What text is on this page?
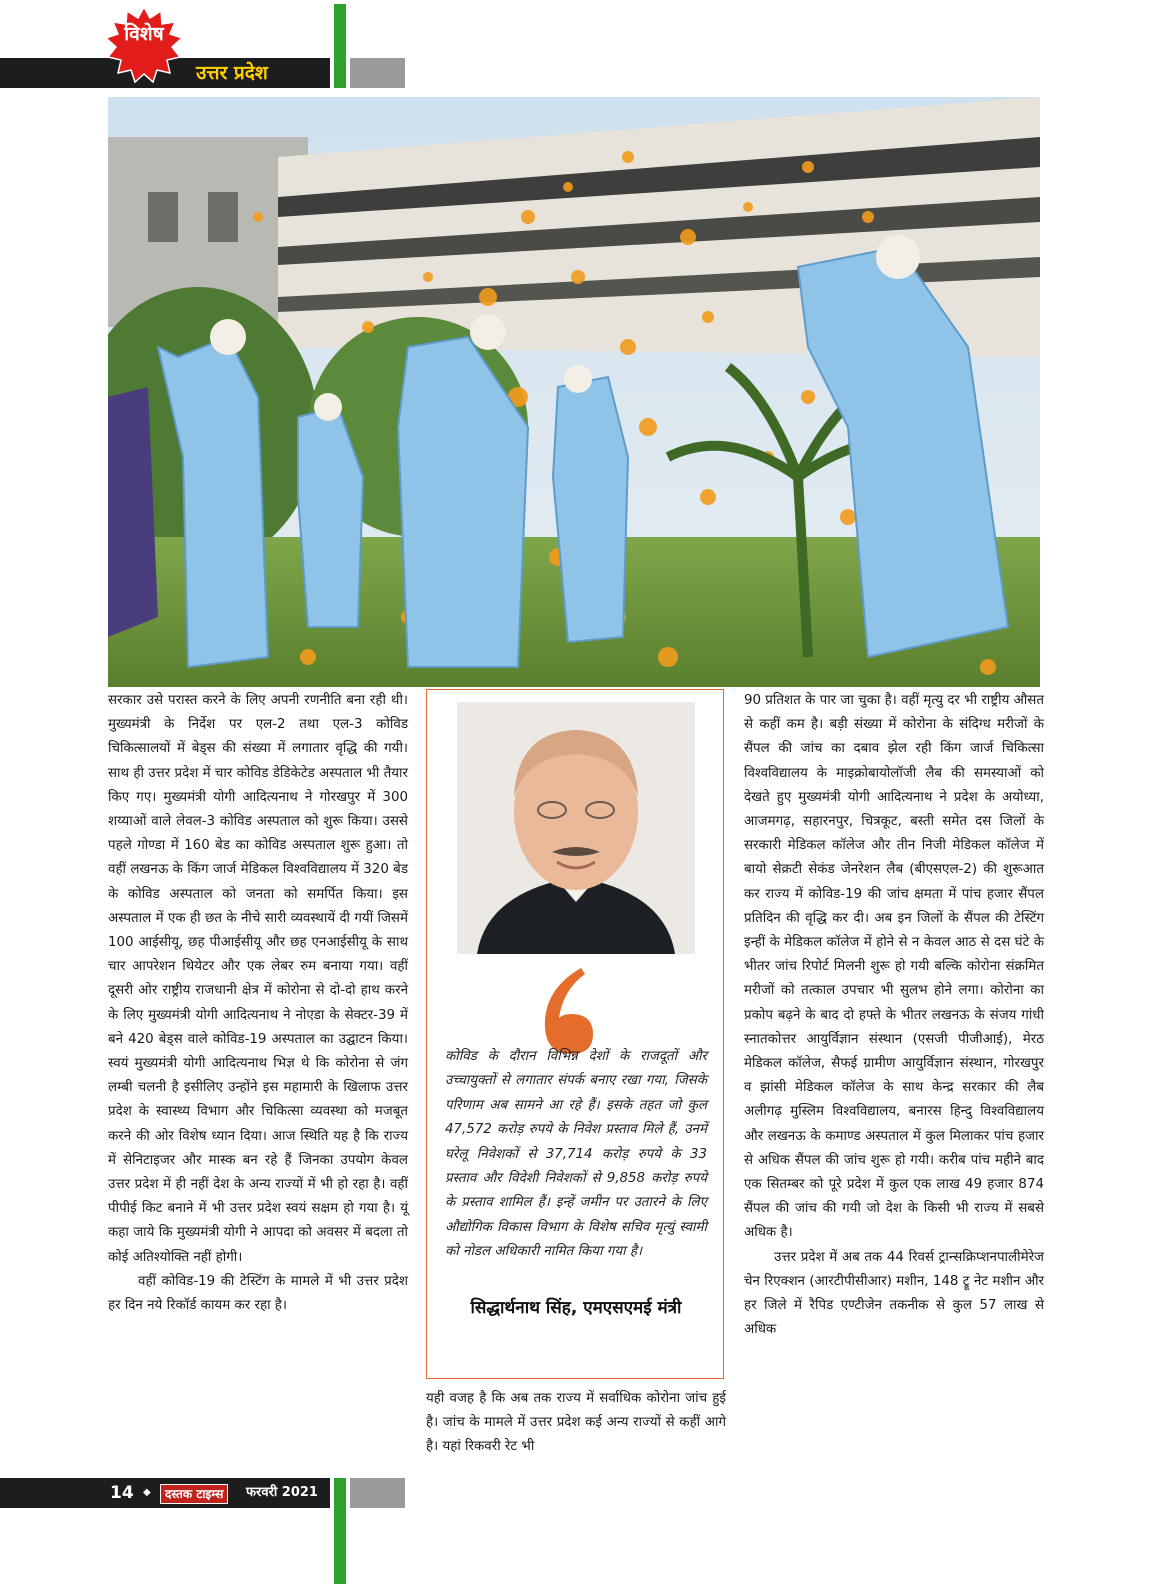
विशेष
उत्तर प्रदेश

सरकार उसे परास्त करने के लिए अपनी रणनीति बना रही थी। मुख्यमंत्री के निर्देश पर एल-2 तथा एल-3 कोविड चिकित्सालयों में बेड्स की संख्या में लगातार वृद्धि की गयी। साथ ही उत्तर प्रदेश में चार कोविड डेडिकेटेड अस्पताल भी तैयार किए गए। मुख्यमंत्री योगी आदित्यनाथ ने गोरखपुर में 300 शय्याओं वाले लेवल-3 कोविड अस्पताल को शुरू किया। उससे पहले गोण्डा में 160 बेड का कोविड अस्पताल शुरू हुआ। तो वहीं लखनऊ के किंग जार्ज मेडिकल विश्वविद्यालय में 320 बेड के कोविड अस्पताल को जनता को समर्पित किया। इस अस्पताल में एक ही छत के नीचे सारी व्यवस्थायें दी गयीं जिसमें 100 आईसीयू, छह पीआईसीयू और छह एनआईसीयू के साथ चार आपरेशन थियेटर और एक लेबर रुम बनाया गया। वहीं दूसरी ओर राष्ट्रीय राजधानी क्षेत्र में कोरोना से दो-दो हाथ करने के लिए मुख्यमंत्री योगी आदित्यनाथ ने नोएडा के सेक्टर-39 में बने 420 बेड्स वाले कोविड-19 अस्पताल का उद्घाटन किया। स्वयं मुख्यमंत्री योगी आदित्यनाथ भिज्ञ थे कि कोरोना से जंग लम्बी चलनी है इसीलिए उन्होंने इस महामारी के खिलाफ उत्तर प्रदेश के स्वास्थ्य विभाग और चिकित्सा व्यवस्था को मजबूत करने की ओर विशेष ध्यान दिया। आज स्थिति यह है कि राज्य में सेनिटाइजर और मास्क बन रहे हैं जिनका उपयोग केवल उत्तर प्रदेश में ही नहीं देश के अन्य राज्यों में भी हो रहा है। वहीं पीपीई किट बनाने में भी उत्तर प्रदेश स्वयं सक्षम हो गया है। यूं कहा जाये कि मुख्यमंत्री योगी ने आपदा को अवसर में बदला तो कोई अतिश्योक्ति नहीं होगी।

वहीं कोविड-19 की टेस्टिंग के मामले में भी उत्तर प्रदेश हर दिन नये रिकॉर्ड कायम कर रहा है।

कोविड के दौरान विभिन्न देशों के राजदूतों और उच्चायुक्तों से लगातार संपर्क बनाए रखा गया, जिसके परिणाम अब सामने आ रहे हैं। इसके तहत जो कुल 47,572 करोड़ रुपये के निवेश प्रस्ताव मिले हैं, उनमें घरेलू निवेशकों से 37,714 करोड़ रुपये के 33 प्रस्ताव और विदेशी निवेशकों से 9,858 करोड़ रुपये के प्रस्ताव शामिल हैं। इन्हें जमीन पर उतारने के लिए औद्योगिक विकास विभाग के विशेष सचिव मृत्युं स्वामी को नोडल अधिकारी नामित किया गया है।
सिद्धार्थनाथ सिंह, एमएसएमई मंत्री

यही वजह है कि अब तक राज्य में सर्वाधिक कोरोना जांच हुई है। जांच के मामले में उत्तर प्रदेश कई अन्य राज्यों से कहीं आगे है। यहां रिकवरी रेट भी

90 प्रतिशत के पार जा चुका है। वहीं मृत्यु दर भी राष्ट्रीय औसत से कहीं कम है। बड़ी संख्या में कोरोना के संदिग्ध मरीजों के सैंपल की जांच का दबाव झेल रही किंग जार्ज चिकित्सा विश्वविद्यालय के माइक्रोबायोलॉजी लैब की समस्याओं को देखते हुए मुख्यमंत्री योगी आदित्यनाथ ने प्रदेश के अयोध्या, आजमगढ़, सहारनपुर, चित्रकूट, बस्ती समेत दस जिलों के सरकारी मेडिकल कॉलेज और तीन निजी मेडिकल कॉलेज में बायो सेक्रटी सेकंड जेनरेशन लैब (बीएसएल-2) की शुरूआत कर राज्य में कोविड-19 की जांच क्षमता में पांच हजार सैंपल प्रतिदिन की वृद्धि कर दी। अब इन जिलों के सैंपल की टेस्टिंग इन्हीं के मेडिकल कॉलेज में होने से न केवल आठ से दस घंटे के भीतर जांच रिपोर्ट मिलनी शुरू हो गयी बल्कि कोरोना संक्रमित मरीजों को तत्काल उपचार भी सुलभ होने लगा। कोरोना का प्रकोप बढ़ने के बाद दो हफ्ते के भीतर लखनऊ के संजय गांधी स्नातकोत्तर आयुर्विज्ञान संस्थान (एसजी पीजीआई), मेरठ मेडिकल कॉलेज, सैफई ग्रामीण आयुर्विज्ञान संस्थान, गोरखपुर व झांसी मेडिकल कॉलेज के साथ केन्द्र सरकार की लैब अलीगढ़ मुस्लिम विश्वविद्यालय, बनारस हिन्दु विश्वविद्यालय और लखनऊ के कमाण्ड अस्पताल में कुल मिलाकर पांच हजार से अधिक सैंपल की जांच शुरू हो गयी। करीब पांच महीने बाद एक सितम्बर को पूरे प्रदेश में कुल एक लाख 49 हजार 874 सैंपल की जांच की गयी जो देश के किसी भी राज्य में सबसे अधिक है।

उत्तर प्रदेश में अब तक 44 रिवर्स ट्रान्सक्रिप्शनपालीमेरेज चेन रिएक्शन (आरटीपीसीआर) मशीन, 148 ट्रू नेट मशीन और हर जिले में रैपिड एण्टीजेन तकनीक से कुल 57 लाख से अधिक

14 ◆	दस्तक टाइम्स	फरवरी 2021
